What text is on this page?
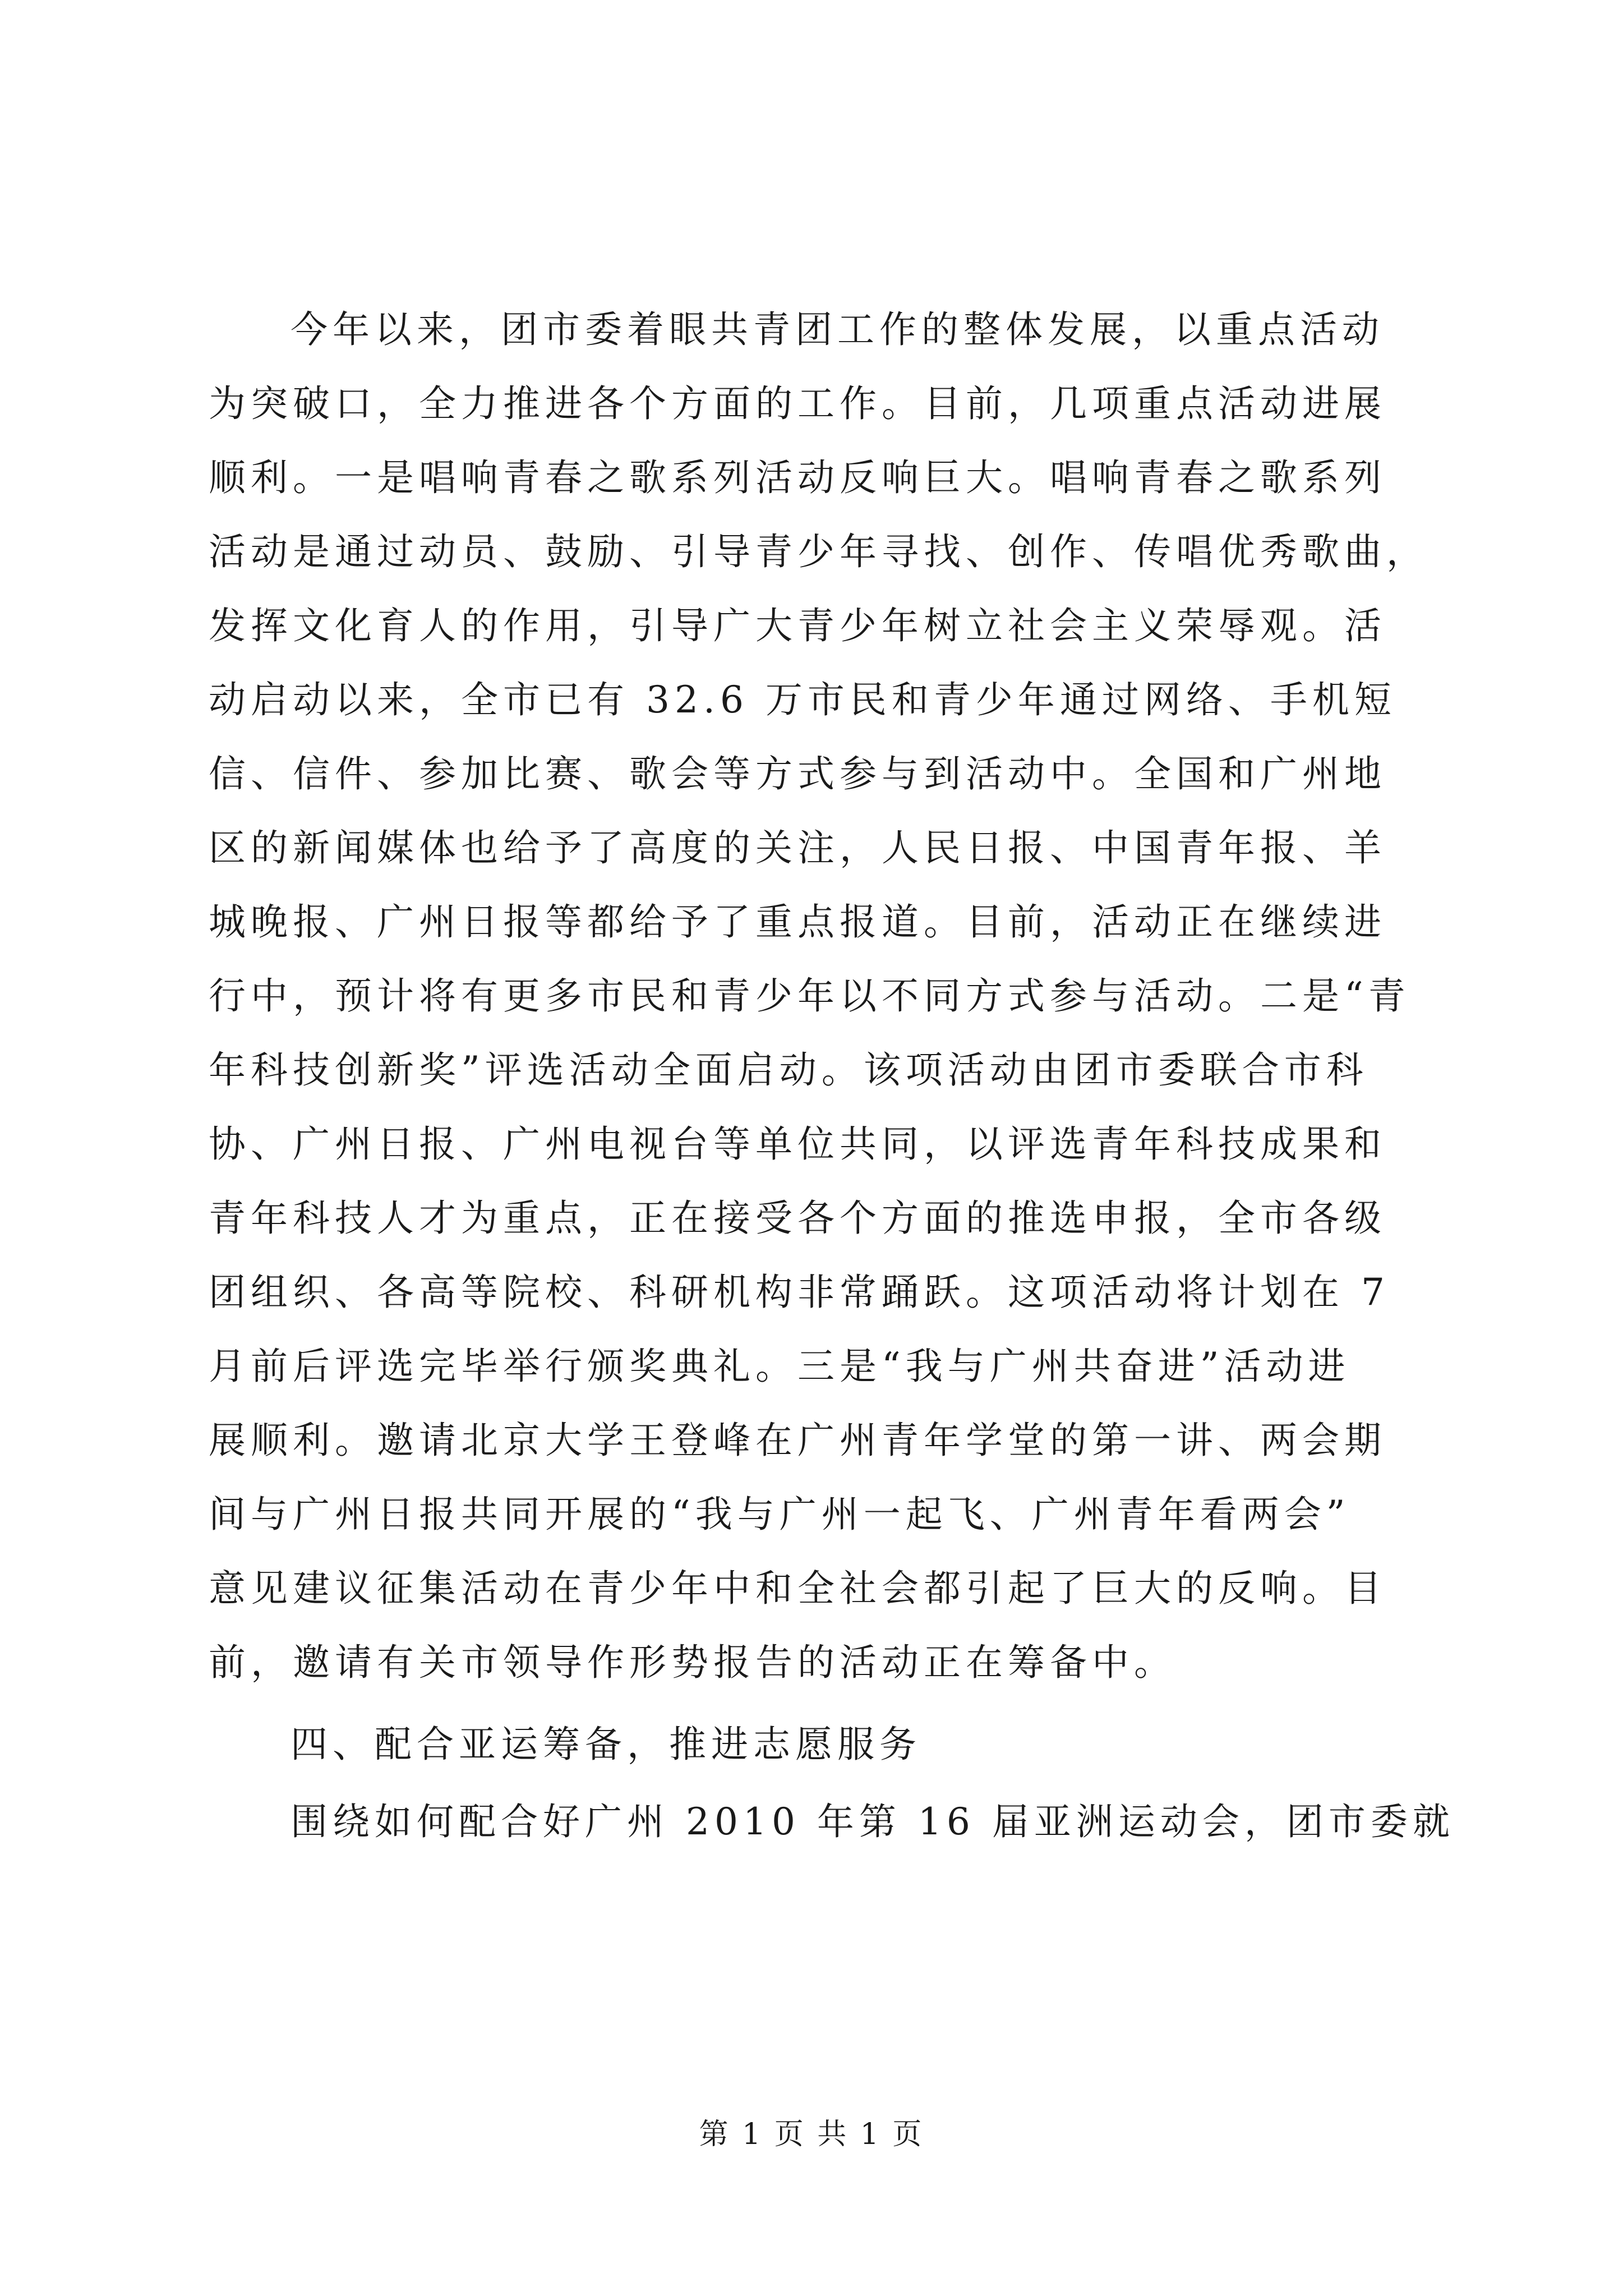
今年以来，团市委着眼共青团工作的整体发展，以重点活动
为突破口，全力推进各个方面的工作。目前，几项重点活动进展
顺利。一是唱响青春之歌系列活动反响巨大。唱响青春之歌系列
活动是通过动员、鼓励、引导青少年寻找、创作、传唱优秀歌曲，
发挥文化育人的作用，引导广大青少年树立社会主义荣辱观。活
动启动以来，全市已有 32.6 万市民和青少年通过网络、手机短
信、信件、参加比赛、歌会等方式参与到活动中。全国和广州地
区的新闻媒体也给予了高度的关注，人民日报、中国青年报、羊
城晚报、广州日报等都给予了重点报道。目前，活动正在继续进
行中，预计将有更多市民和青少年以不同方式参与活动。二是“青
年科技创新奖”评选活动全面启动。该项活动由团市委联合市科
协、广州日报、广州电视台等单位共同，以评选青年科技成果和
青年科技人才为重点，正在接受各个方面的推选申报，全市各级
团组织、各高等院校、科研机构非常踊跃。这项活动将计划在 7
月前后评选完毕举行颁奖典礼。三是“我与广州共奋进”活动进
展顺利。邀请北京大学王登峰在广州青年学堂的第一讲、两会期
间与广州日报共同开展的“我与广州一起飞、广州青年看两会”
意见建议征集活动在青少年中和全社会都引起了巨大的反响。目
前，邀请有关市领导作形势报告的活动正在筹备中。
四、配合亚运筹备，推进志愿服务
围绕如何配合好广州 2010 年第 16 届亚洲运动会，团市委就
第 1 页 共 1 页
